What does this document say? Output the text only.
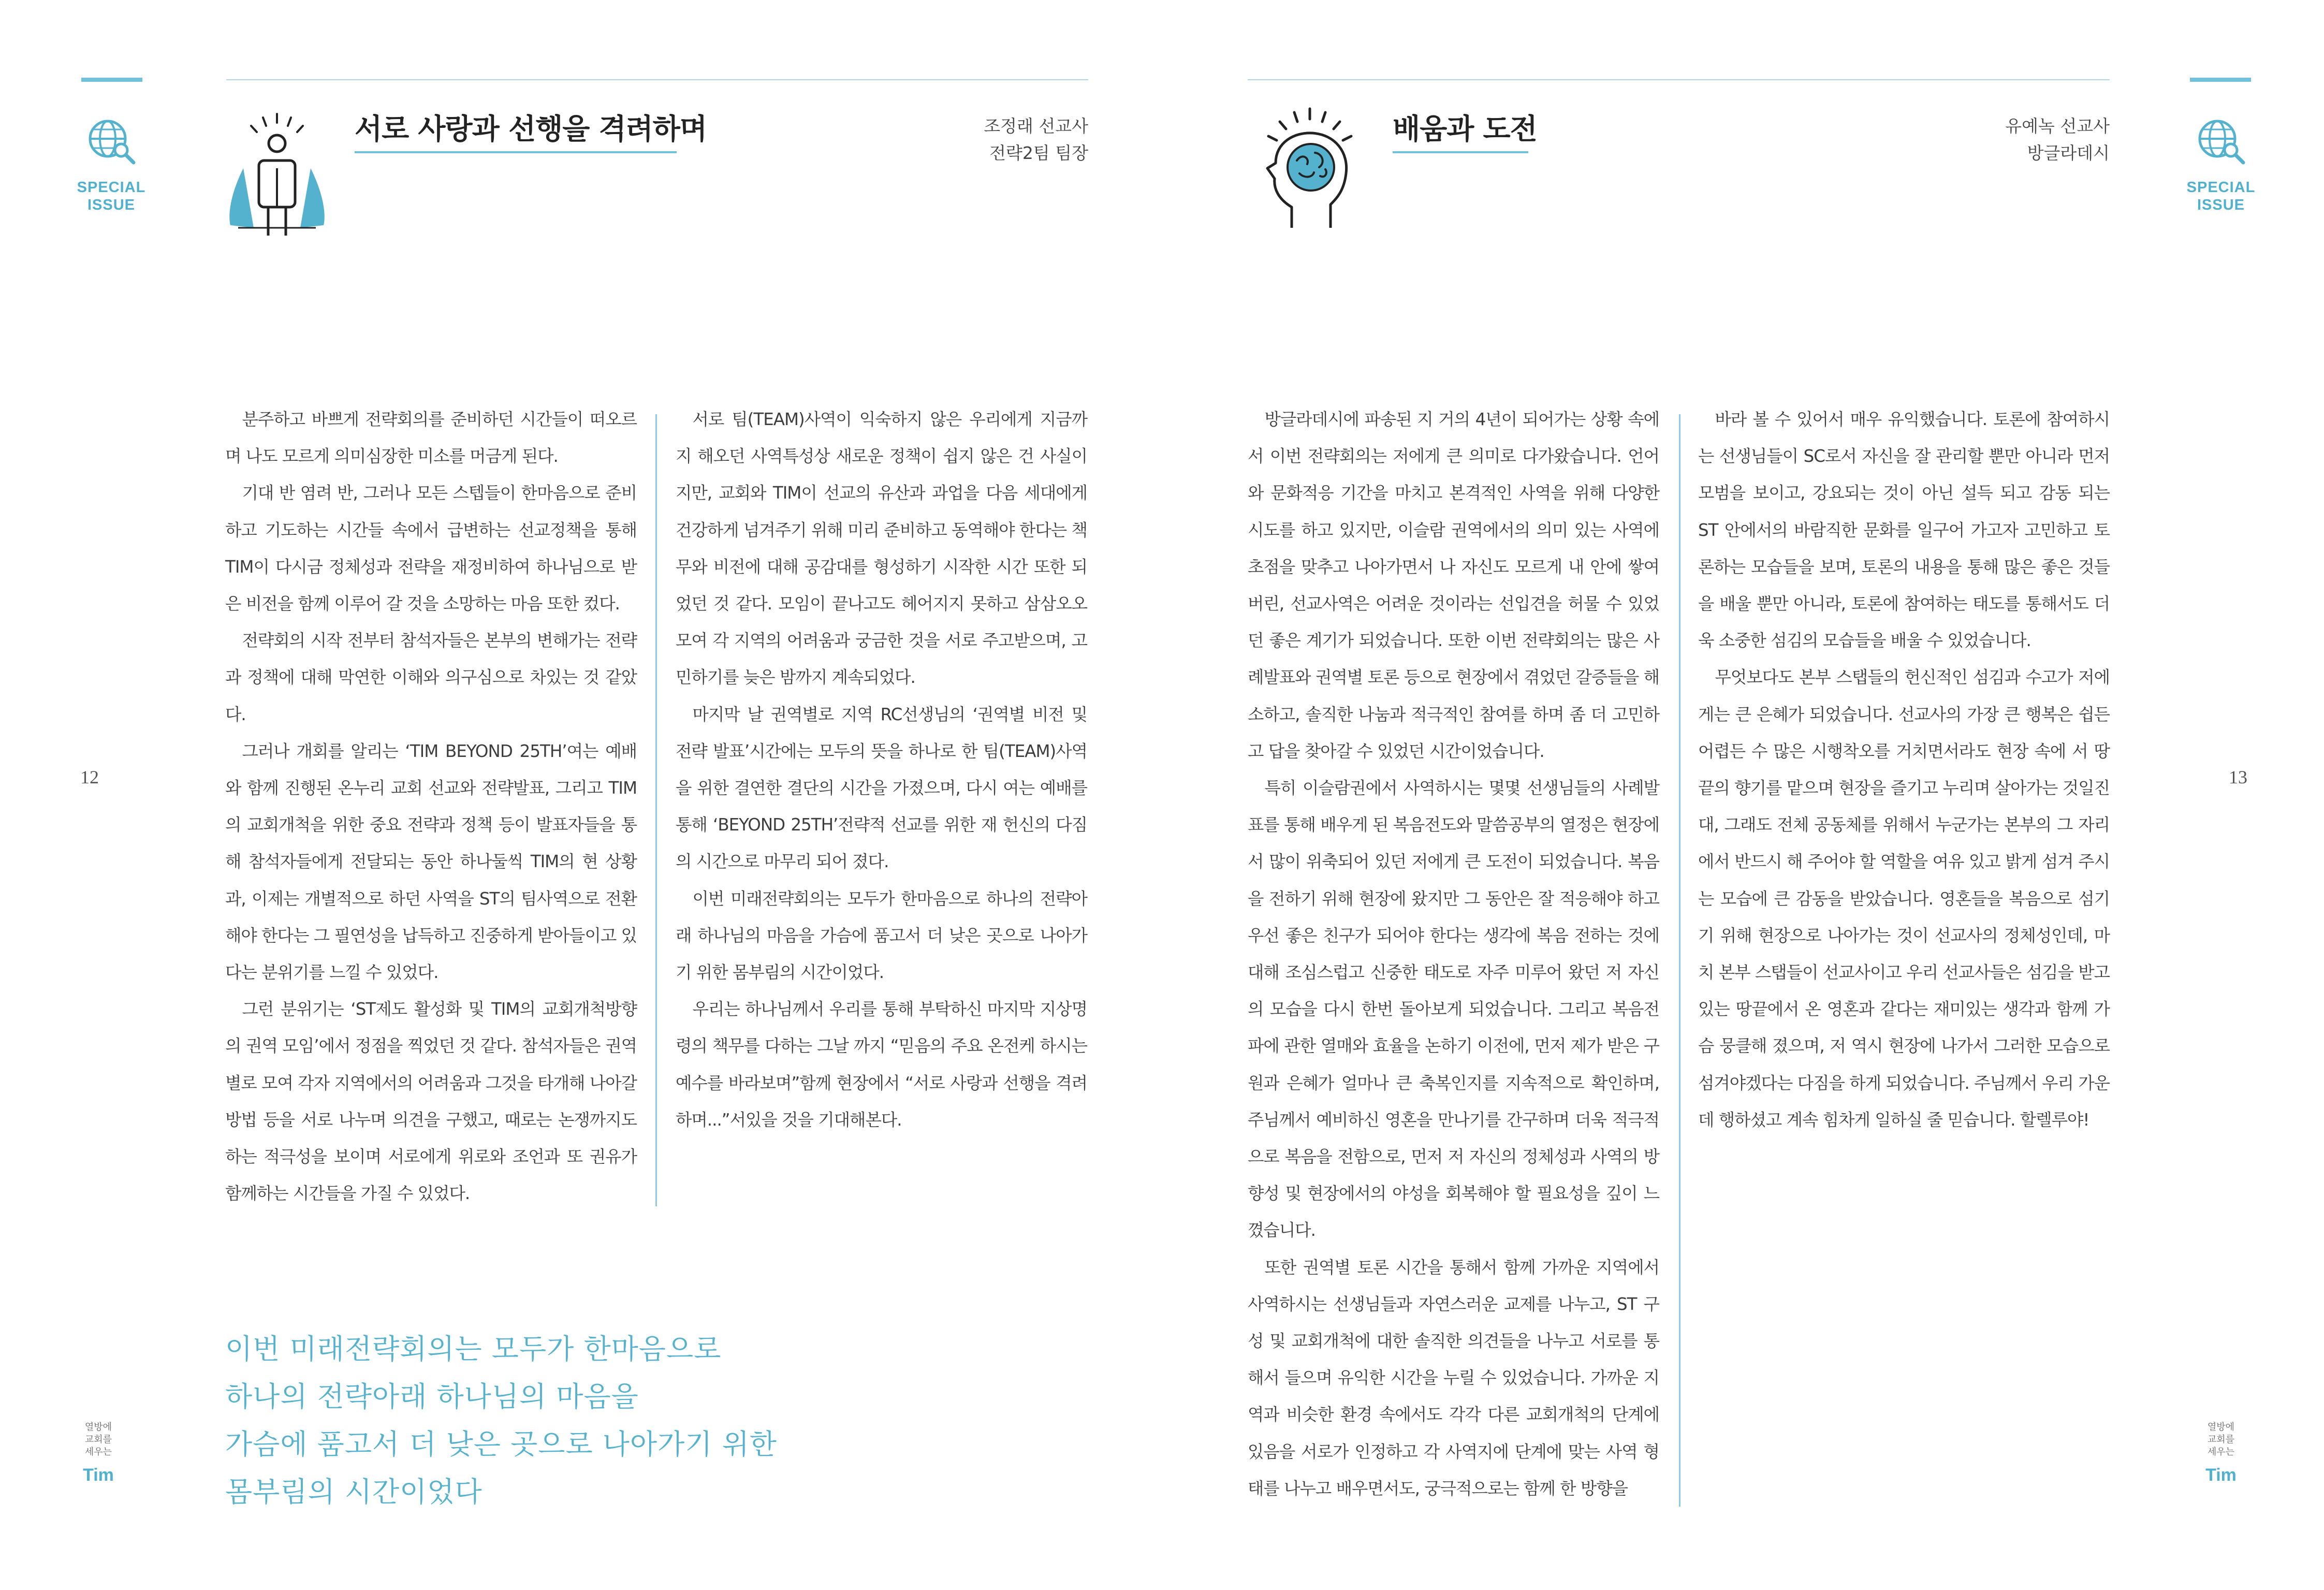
SPECIAL
ISSUE
서로 사랑과 선행을 격려하며	조정래 선교사
전략2팀 팀장

분주하고 바쁘게 전략회의를 준비하던 시간들이 떠오르며 나도 모르게 의미심장한 미소를 머금게 된다.

기대 반 염려 반, 그러나 모든 스텝들이 한마음으로 준비하고 기도하는 시간들 속에서 급변하는 선교정책을 통해 TIM이 다시금 정체성과 전략을 재정비하여 하나님으로 받은 비전을 함께 이루어 갈 것을 소망하는 마음 또한 컸다.

전략회의 시작 전부터 참석자들은 본부의 변해가는 전략과 정책에 대해 막연한 이해와 의구심으로 차있는 것 같았다.

그러나 개회를 알리는 ‘TIM BEYOND 25TH’여는 예배와 함께 진행된 온누리 교회 선교와 전략발표, 그리고 TIM의 교회개척을 위한 중요 전략과 정책 등이 발표자들을 통해 참석자들에게 전달되는 동안 하나둘씩 TIM의 현 상황과, 이제는 개별적으로 하던 사역을 ST의 팀사역으로 전환해야 한다는 그 필연성을 납득하고 진중하게 받아들이고 있다는 분위기를 느낄 수 있었다.

그런 분위기는 ‘ST제도 활성화 및 TIM의 교회개척방향의 권역 모임’에서 정점을 찍었던 것 같다. 참석자들은 권역별로 모여 각자 지역에서의 어려움과 그것을 타개해 나아갈 방법 등을 서로 나누며 의견을 구했고, 때로는 논쟁까지도 하는 적극성을 보이며 서로에게 위로와 조언과 또 권유가 함께하는 시간들을 가질 수 있었다.

서로 팀(TEAM)사역이 익숙하지 않은 우리에게 지금까지 해오던 사역특성상 새로운 정책이 쉽지 않은 건 사실이지만, 교회와 TIM이 선교의 유산과 과업을 다음 세대에게 건강하게 넘겨주기 위해 미리 준비하고 동역해야 한다는 책무와 비전에 대해 공감대를 형성하기 시작한 시간 또한 되었던 것 같다. 모임이 끝나고도 헤어지지 못하고 삼삼오오 모여 각 지역의 어려움과 궁금한 것을 서로 주고받으며, 고민하기를 늦은 밤까지 계속되었다.

마지막 날 권역별로 지역 RC선생님의 ‘권역별 비전 및 전략 발표’시간에는 모두의 뜻을 하나로 한 팀(TEAM)사역을 위한 결연한 결단의 시간을 가졌으며, 다시 여는 예배를 통해 ‘BEYOND 25TH’전략적 선교를 위한 재 헌신의 다짐의 시간으로 마무리 되어 졌다.

이번 미래전략회의는 모두가 한마음으로 하나의 전략아래 하나님의 마음을 가슴에 품고서 더 낮은 곳으로 나아가기 위한 몸부림의 시간이었다.

우리는 하나님께서 우리를 통해 부탁하신 마지막 지상명령의 책무를 다하는 그날 까지 “믿음의 주요 온전케 하시는 예수를 바라보며”함께 현장에서 “서로 사랑과 선행을 격려하며...”서있을 것을 기대해본다.

이번 미래전략회의는 모두가 한마음으로
하나의 전략아래 하나님의 마음을
가슴에 품고서 더 낮은 곳으로 나아가기 위한
몸부림의 시간이었다
12
열방에
교회를
세우는
Tim
배움과 도전	유예녹 선교사
방글라데시

방글라데시에 파송된 지 거의 4년이 되어가는 상황 속에서 이번 전략회의는 저에게 큰 의미로 다가왔습니다. 언어와 문화적응 기간을 마치고 본격적인 사역을 위해 다양한 시도를 하고 있지만, 이슬람 권역에서의 의미 있는 사역에 초점을 맞추고 나아가면서 나 자신도 모르게 내 안에 쌓여버린, 선교사역은 어려운 것이라는 선입견을 허물 수 있었던 좋은 계기가 되었습니다. 또한 이번 전략회의는 많은 사례발표와 권역별 토론 등으로 현장에서 겪었던 갈증들을 해소하고, 솔직한 나눔과 적극적인 참여를 하며 좀 더 고민하고 답을 찾아갈 수 있었던 시간이었습니다.

특히 이슬람권에서 사역하시는 몇몇 선생님들의 사례발표를 통해 배우게 된 복음전도와 말씀공부의 열정은 현장에서 많이 위축되어 있던 저에게 큰 도전이 되었습니다. 복음을 전하기 위해 현장에 왔지만 그 동안은 잘 적응해야 하고 우선 좋은 친구가 되어야 한다는 생각에 복음 전하는 것에 대해 조심스럽고 신중한 태도로 자주 미루어 왔던 저 자신의 모습을 다시 한번 돌아보게 되었습니다. 그리고 복음전파에 관한 열매와 효율을 논하기 이전에, 먼저 제가 받은 구원과 은혜가 얼마나 큰 축복인지를 지속적으로 확인하며, 주님께서 예비하신 영혼을 만나기를 간구하며 더욱 적극적으로 복음을 전함으로, 먼저 저 자신의 정체성과 사역의 방향성 및 현장에서의 야성을 회복해야 할 필요성을 깊이 느꼈습니다.

또한 권역별 토론 시간을 통해서 함께 가까운 지역에서 사역하시는 선생님들과 자연스러운 교제를 나누고, ST 구성 및 교회개척에 대한 솔직한 의견들을 나누고 서로를 통해서 들으며 유익한 시간을 누릴 수 있었습니다. 가까운 지역과 비슷한 환경 속에서도 각각 다른 교회개척의 단계에 있음을 서로가 인정하고 각 사역지에 단계에 맞는 사역 형태를 나누고 배우면서도, 궁극적으로는 함께 한 방향을

바라 볼 수 있어서 매우 유익했습니다. 토론에 참여하시는 선생님들이 SC로서 자신을 잘 관리할 뿐만 아니라 먼저 모범을 보이고, 강요되는 것이 아닌 설득 되고 감동 되는 ST 안에서의 바람직한 문화를 일구어 가고자 고민하고 토론하는 모습들을 보며, 토론의 내용을 통해 많은 좋은 것들을 배울 뿐만 아니라, 토론에 참여하는 태도를 통해서도 더욱 소중한 섬김의 모습들을 배울 수 있었습니다.

무엇보다도 본부 스탭들의 헌신적인 섬김과 수고가 저에게는 큰 은혜가 되었습니다. 선교사의 가장 큰 행복은 쉽든 어렵든 수 많은 시행착오를 거치면서라도 현장 속에 서 땅끝의 향기를 맡으며 현장을 즐기고 누리며 살아가는 것일진대, 그래도 전체 공동체를 위해서 누군가는 본부의 그 자리에서 반드시 해 주어야 할 역할을 여유 있고 밝게 섬겨 주시는 모습에 큰 감동을 받았습니다. 영혼들을 복음으로 섬기기 위해 현장으로 나아가는 것이 선교사의 정체성인데, 마치 본부 스탭들이 선교사이고 우리 선교사들은 섬김을 받고 있는 땅끝에서 온 영혼과 같다는 재미있는 생각과 함께 가슴 뭉클해 졌으며, 저 역시 현장에 나가서 그러한 모습으로 섬겨야겠다는 다짐을 하게 되었습니다. 주님께서 우리 가운데 행하셨고 계속 힘차게 일하실 줄 믿습니다. 할렐루야!

SPECIAL
ISSUE
13
열방에
교회를
세우는
Tim
